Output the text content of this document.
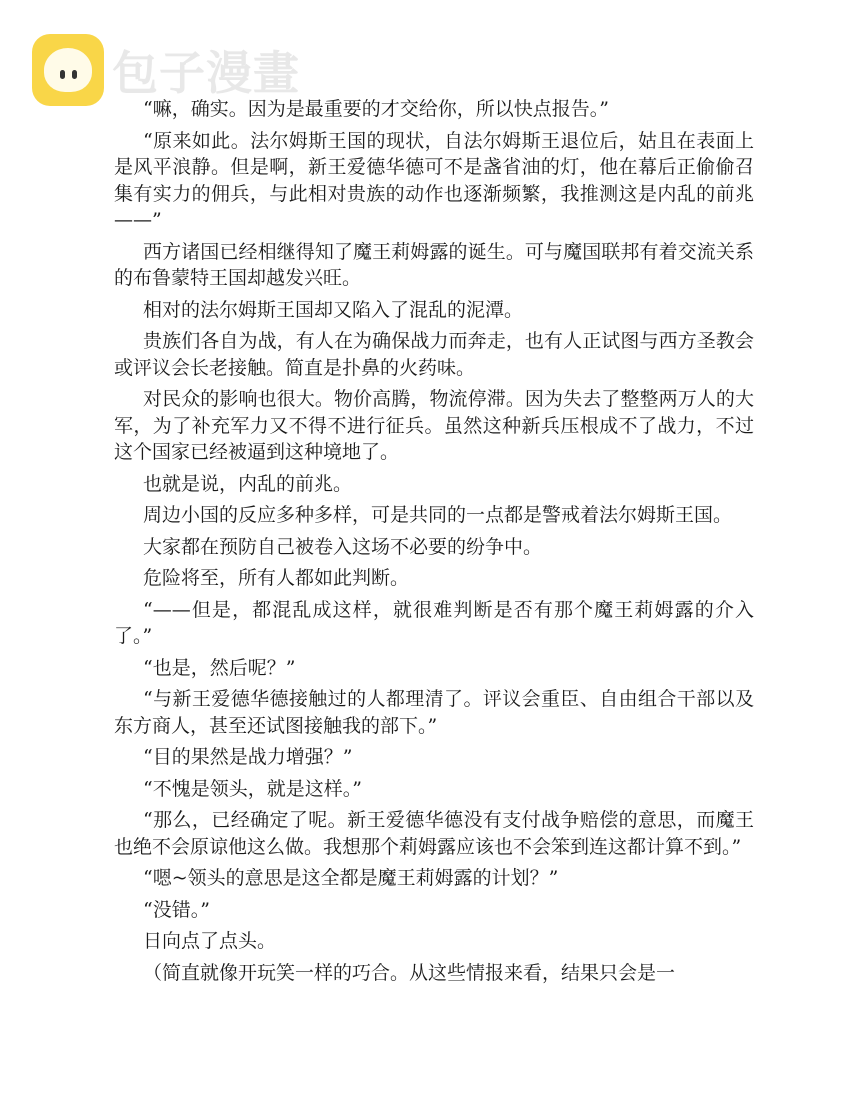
包子漫畫

“嘛，确实。因为是最重要的才交给你，所以快点报告。”

“原来如此。法尔姆斯王国的现状，自法尔姆斯王退位后，姑且在表面上是风平浪静。但是啊，新王爱德华德可不是盏省油的灯，他在幕后正偷偷召集有实力的佣兵，与此相对贵族的动作也逐渐频繁，我推测这是内乱的前兆——”

西方诸国已经相继得知了魔王莉姆露的诞生。可与魔国联邦有着交流关系的布鲁蒙特王国却越发兴旺。

相对的法尔姆斯王国却又陷入了混乱的泥潭。

贵族们各自为战，有人在为确保战力而奔走，也有人正试图与西方圣教会或评议会长老接触。简直是扑鼻的火药味。

对民众的影响也很大。物价高腾，物流停滞。因为失去了整整两万人的大军，为了补充军力又不得不进行征兵。虽然这种新兵压根成不了战力，不过这个国家已经被逼到这种境地了。

也就是说，内乱的前兆。

周边小国的反应多种多样，可是共同的一点都是警戒着法尔姆斯王国。

大家都在预防自己被卷入这场不必要的纷争中。

危险将至，所有人都如此判断。

“——但是，都混乱成这样，就很难判断是否有那个魔王莉姆露的介入了。”

“也是，然后呢？”

“与新王爱德华德接触过的人都理清了。评议会重臣、自由组合干部以及东方商人，甚至还试图接触我的部下。”

“目的果然是战力增强？”

“不愧是领头，就是这样。”

“那么，已经确定了呢。新王爱德华德没有支付战争赔偿的意思，而魔王也绝不会原谅他这么做。我想那个莉姆露应该也不会笨到连这都计算不到。”

“嗯~领头的意思是这全都是魔王莉姆露的计划？”

“没错。”

日向点了点头。

（简直就像开玩笑一样的巧合。从这些情报来看，结果只会是一
